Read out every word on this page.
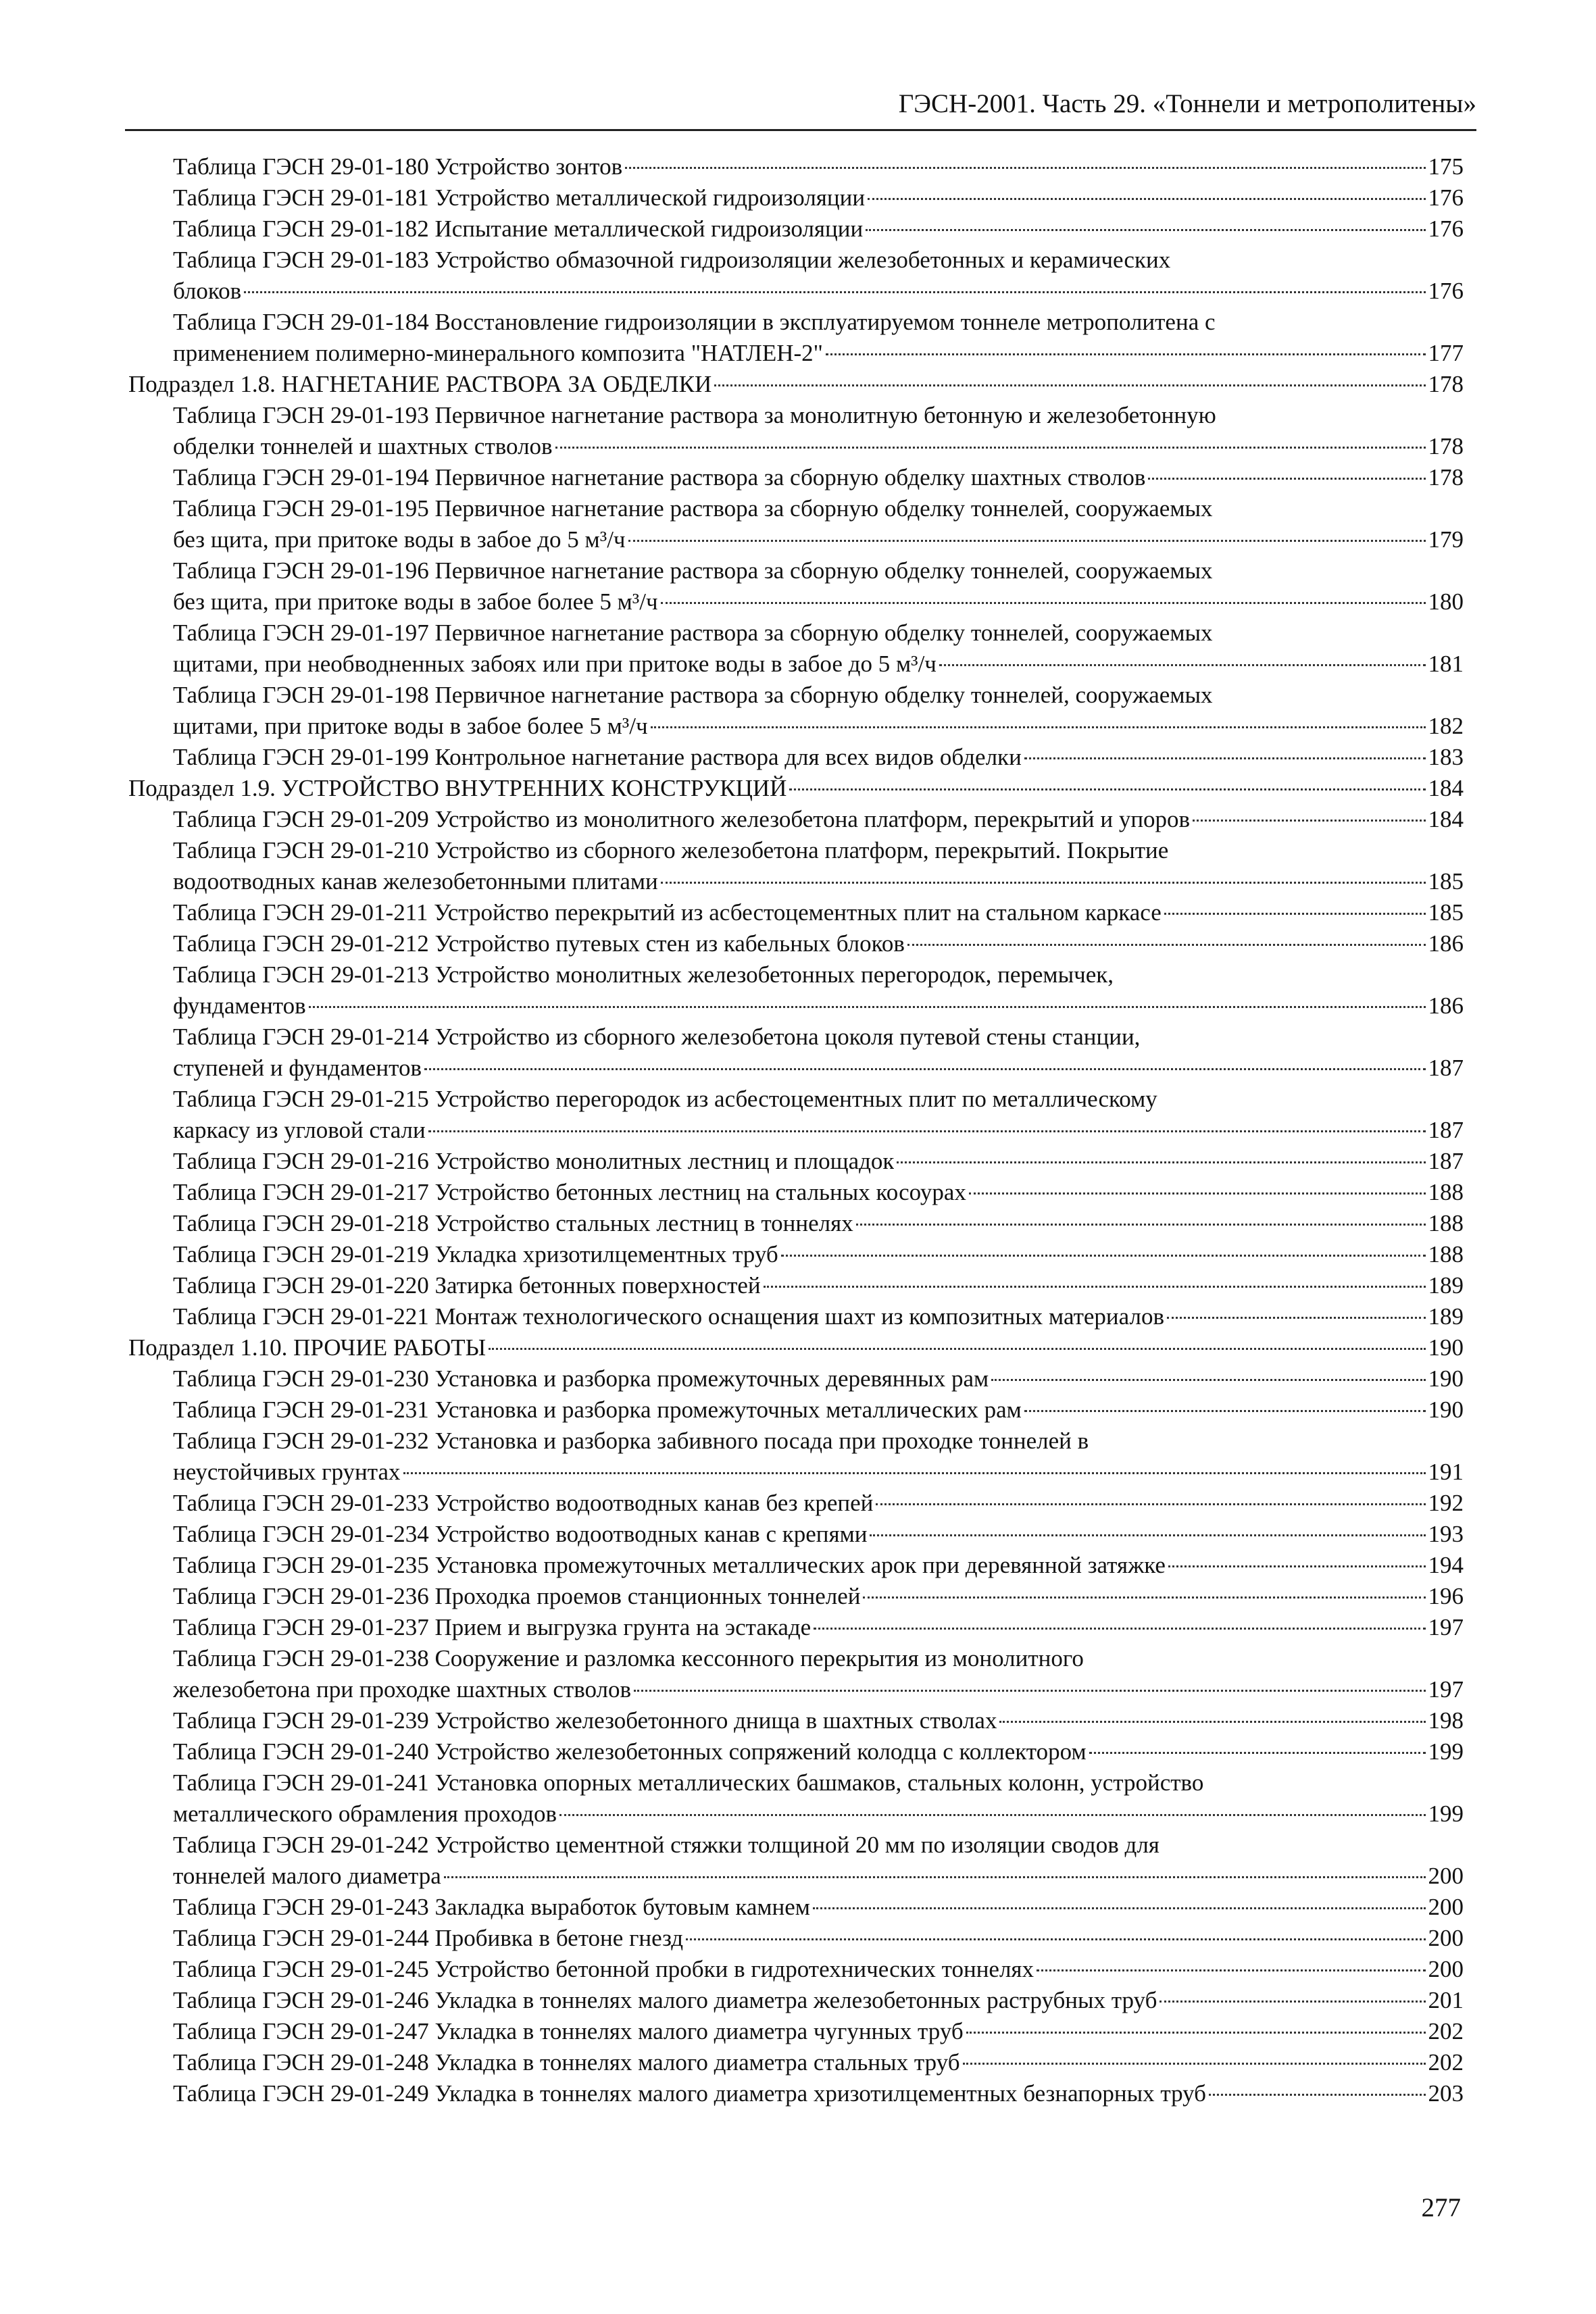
ГЭСН-2001. Часть 29. «Тоннели и метрополитены»
Таблица ГЭСН 29-01-180 Устройство зонтов	175
Таблица ГЭСН 29-01-181 Устройство металлической гидроизоляции	176
Таблица ГЭСН 29-01-182 Испытание металлической гидроизоляции	176
Таблица ГЭСН 29-01-183 Устройство обмазочной гидроизоляции железобетонных и керамических
блоков	176
Таблица ГЭСН 29-01-184 Восстановление гидроизоляции в эксплуатируемом тоннеле метрополитена с
применением полимерно-минерального композита "НАТЛЕН-2"	177
Подраздел 1.8. НАГНЕТАНИЕ РАСТВОРА ЗА ОБДЕЛКИ	178
Таблица ГЭСН 29-01-193 Первичное нагнетание раствора за монолитную бетонную и железобетонную
обделки тоннелей и шахтных стволов	178
Таблица ГЭСН 29-01-194 Первичное нагнетание раствора за сборную обделку шахтных стволов	178
Таблица ГЭСН 29-01-195 Первичное нагнетание раствора за сборную обделку тоннелей, сооружаемых
без щита, при притоке воды в забое до 5 м³/ч	179
Таблица ГЭСН 29-01-196 Первичное нагнетание раствора за сборную обделку тоннелей, сооружаемых
без щита, при притоке воды в забое более 5 м³/ч	180
Таблица ГЭСН 29-01-197 Первичное нагнетание раствора за сборную обделку тоннелей, сооружаемых
щитами, при необводненных забоях или при притоке воды в забое до 5 м³/ч	181
Таблица ГЭСН 29-01-198 Первичное нагнетание раствора за сборную обделку тоннелей, сооружаемых
щитами, при притоке воды в забое более 5 м³/ч	182
Таблица ГЭСН 29-01-199 Контрольное нагнетание раствора для всех видов обделки	183
Подраздел 1.9. УСТРОЙСТВО ВНУТРЕННИХ КОНСТРУКЦИЙ	184
Таблица ГЭСН 29-01-209 Устройство из монолитного железобетона платформ, перекрытий и упоров	184
Таблица ГЭСН 29-01-210 Устройство из сборного железобетона платформ, перекрытий. Покрытие
водоотводных канав железобетонными плитами	185
Таблица ГЭСН 29-01-211 Устройство перекрытий из асбестоцементных плит на стальном каркасе	185
Таблица ГЭСН 29-01-212 Устройство путевых стен из кабельных блоков	186
Таблица ГЭСН 29-01-213 Устройство монолитных железобетонных перегородок, перемычек,
фундаментов	186
Таблица ГЭСН 29-01-214 Устройство из сборного железобетона цоколя путевой стены станции,
ступеней и фундаментов	187
Таблица ГЭСН 29-01-215 Устройство перегородок из асбестоцементных плит по металлическому
каркасу из угловой стали	187
Таблица ГЭСН 29-01-216 Устройство монолитных лестниц и площадок	187
Таблица ГЭСН 29-01-217 Устройство бетонных лестниц на стальных косоурах	188
Таблица ГЭСН 29-01-218 Устройство стальных лестниц в тоннелях	188
Таблица ГЭСН 29-01-219 Укладка хризотилцементных труб	188
Таблица ГЭСН 29-01-220 Затирка бетонных поверхностей	189
Таблица ГЭСН 29-01-221 Монтаж технологического оснащения шахт из композитных материалов	189
Подраздел 1.10. ПРОЧИЕ РАБОТЫ	190
Таблица ГЭСН 29-01-230 Установка и разборка промежуточных деревянных рам	190
Таблица ГЭСН 29-01-231 Установка и разборка промежуточных металлических рам	190
Таблица ГЭСН 29-01-232 Установка и разборка забивного посада при проходке тоннелей в
неустойчивых грунтах	191
Таблица ГЭСН 29-01-233 Устройство водоотводных канав без крепей	192
Таблица ГЭСН 29-01-234 Устройство водоотводных канав с крепями	193
Таблица ГЭСН 29-01-235 Установка промежуточных металлических арок при деревянной затяжке	194
Таблица ГЭСН 29-01-236 Проходка проемов станционных тоннелей	196
Таблица ГЭСН 29-01-237 Прием и выгрузка грунта на эстакаде	197
Таблица ГЭСН 29-01-238 Сооружение и разломка кессонного перекрытия из монолитного
железобетона при проходке шахтных стволов	197
Таблица ГЭСН 29-01-239 Устройство железобетонного днища в шахтных стволах	198
Таблица ГЭСН 29-01-240 Устройство железобетонных сопряжений колодца с коллектором	199
Таблица ГЭСН 29-01-241 Установка опорных металлических башмаков, стальных колонн, устройство
металлического обрамления проходов	199
Таблица ГЭСН 29-01-242 Устройство цементной стяжки толщиной 20 мм по изоляции сводов для
тоннелей малого диаметра	200
Таблица ГЭСН 29-01-243 Закладка выработок бутовым камнем	200
Таблица ГЭСН 29-01-244 Пробивка в бетоне гнезд	200
Таблица ГЭСН 29-01-245 Устройство бетонной пробки в гидротехнических тоннелях	200
Таблица ГЭСН 29-01-246 Укладка в тоннелях малого диаметра железобетонных раструбных труб	201
Таблица ГЭСН 29-01-247 Укладка в тоннелях малого диаметра чугунных труб	202
Таблица ГЭСН 29-01-248 Укладка в тоннелях малого диаметра стальных труб	202
Таблица ГЭСН 29-01-249 Укладка в тоннелях малого диаметра хризотилцементных безнапорных труб	203
277
